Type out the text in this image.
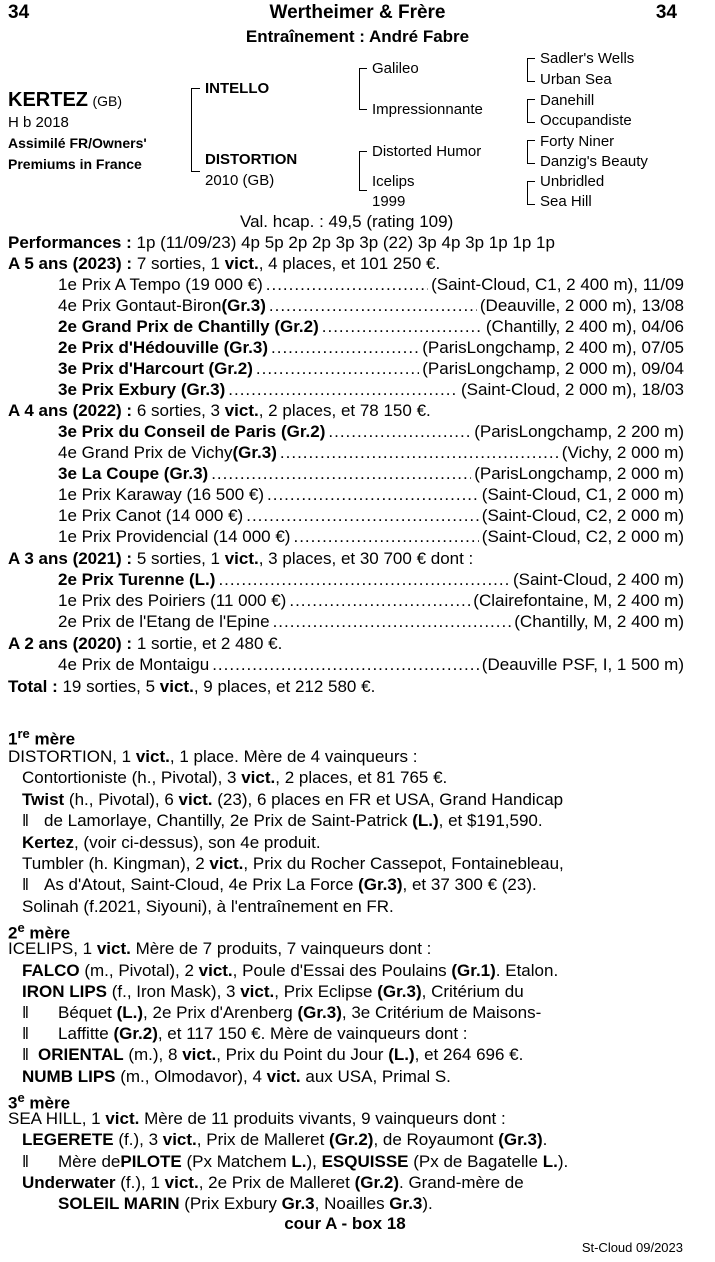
34	Wertheimer & Frère	34
Entraînement : André Fabre
KERTEZ (GB)
H b 2018
Assimilé FR/Owners'
Premiums in France
INTELLO
DISTORTION
2010 (GB)
Galileo
Impressionnante
Distorted Humor
Icelips
1999
Sadler's Wells
Urban Sea
Danehill
Occupandiste
Forty Niner
Danzig's Beauty
Unbridled
Sea Hill
Val. hcap. : 49,5 (rating 109)
Performances : 1p (11/09/23) 4p 5p 2p 2p 3p 3p (22) 3p 4p 3p 1p 1p 1p
A 5 ans (2023) : 7 sorties, 1 vict., 4 places, et 101 250 €.
1e Prix A Tempo (19 000 €) .....	(Saint-Cloud, C1, 2 400 m), 11/09
4e Prix Gontaut-Biron (Gr.3) .....	(Deauville, 2 000 m), 13/08
2e Grand Prix de Chantilly (Gr.2) .....	(Chantilly, 2 400 m), 04/06
2e Prix d'Hédouville (Gr.3) .....	(ParisLongchamp, 2 400 m), 07/05
3e Prix d'Harcourt (Gr.2) .....	(ParisLongchamp, 2 000 m), 09/04
3e Prix Exbury (Gr.3) .....	(Saint-Cloud, 2 000 m), 18/03
A 4 ans (2022) : 6 sorties, 3 vict., 2 places, et 78 150 €.
3e Prix du Conseil de Paris (Gr.2) .....	(ParisLongchamp, 2 200 m)
4e Grand Prix de Vichy (Gr.3) .....	(Vichy, 2 000 m)
3e La Coupe (Gr.3) .....	(ParisLongchamp, 2 000 m)
1e Prix Karaway (16 500 €) .....	(Saint-Cloud, C1, 2 000 m)
1e Prix Canot (14 000 €) .....	(Saint-Cloud, C2, 2 000 m)
1e Prix Providencial (14 000 €) .....	(Saint-Cloud, C2, 2 000 m)
A 3 ans (2021) : 5 sorties, 1 vict., 3 places, et 30 700 € dont :
2e Prix Turenne (L.) .....	(Saint-Cloud, 2 400 m)
1e Prix des Poiriers (11 000 €) .....	(Clairefontaine, M, 2 400 m)
2e Prix de l'Etang de l'Epine .....	(Chantilly, M, 2 400 m)
A 2 ans (2020) : 1 sortie, et 2 480 €.
4e Prix de Montaigu .....	(Deauville PSF, I, 1 500 m)
Total : 19 sorties, 5 vict., 9 places, et 212 580 €.
1re mère
DISTORTION, 1 vict., 1 place. Mère de 4 vainqueurs :
Contortioniste (h., Pivotal), 3 vict., 2 places, et 81 765 €.
Twist (h., Pivotal), 6 vict. (23), 6 places en FR et USA, Grand Handicap
‖ de Lamorlaye, Chantilly, 2e Prix de Saint-Patrick (L.), et $191,590.
Kertez, (voir ci-dessus), son 4e produit.
Tumbler (h. Kingman), 2 vict., Prix du Rocher Cassepot, Fontainebleau,
‖ As d'Atout, Saint-Cloud, 4e Prix La Force (Gr.3), et 37 300 € (23).
Solinah (f.2021, Siyouni), à l'entraînement en FR.
2e mère
ICELIPS, 1 vict. Mère de 7 produits, 7 vainqueurs dont :
FALCO (m., Pivotal), 2 vict., Poule d'Essai des Poulains (Gr.1). Etalon.
IRON LIPS (f., Iron Mask), 3 vict., Prix Eclipse (Gr.3), Critérium du
‖ Béquet (L.), 2e Prix d'Arenberg (Gr.3), 3e Critérium de Maisons-
‖ Laffitte (Gr.2), et 117 150 €. Mère de vainqueurs dont :
‖ ORIENTAL (m.), 8 vict., Prix du Point du Jour (L.), et 264 696 €.
NUMB LIPS (m., Olmodavor), 4 vict. aux USA, Primal S.
3e mère
SEA HILL, 1 vict. Mère de 11 produits vivants, 9 vainqueurs dont :
LEGERETE (f.), 3 vict., Prix de Malleret (Gr.2), de Royaumont (Gr.3).
‖ Mère dePILOTE (Px Matchem L.), ESQUISSE (Px de Bagatelle L.).
Underwater (f.), 1 vict., 2e Prix de Malleret (Gr.2). Grand-mère de
SOLEIL MARIN (Prix Exbury Gr.3, Noailles Gr.3).
cour A - box 18
St-Cloud 09/2023
